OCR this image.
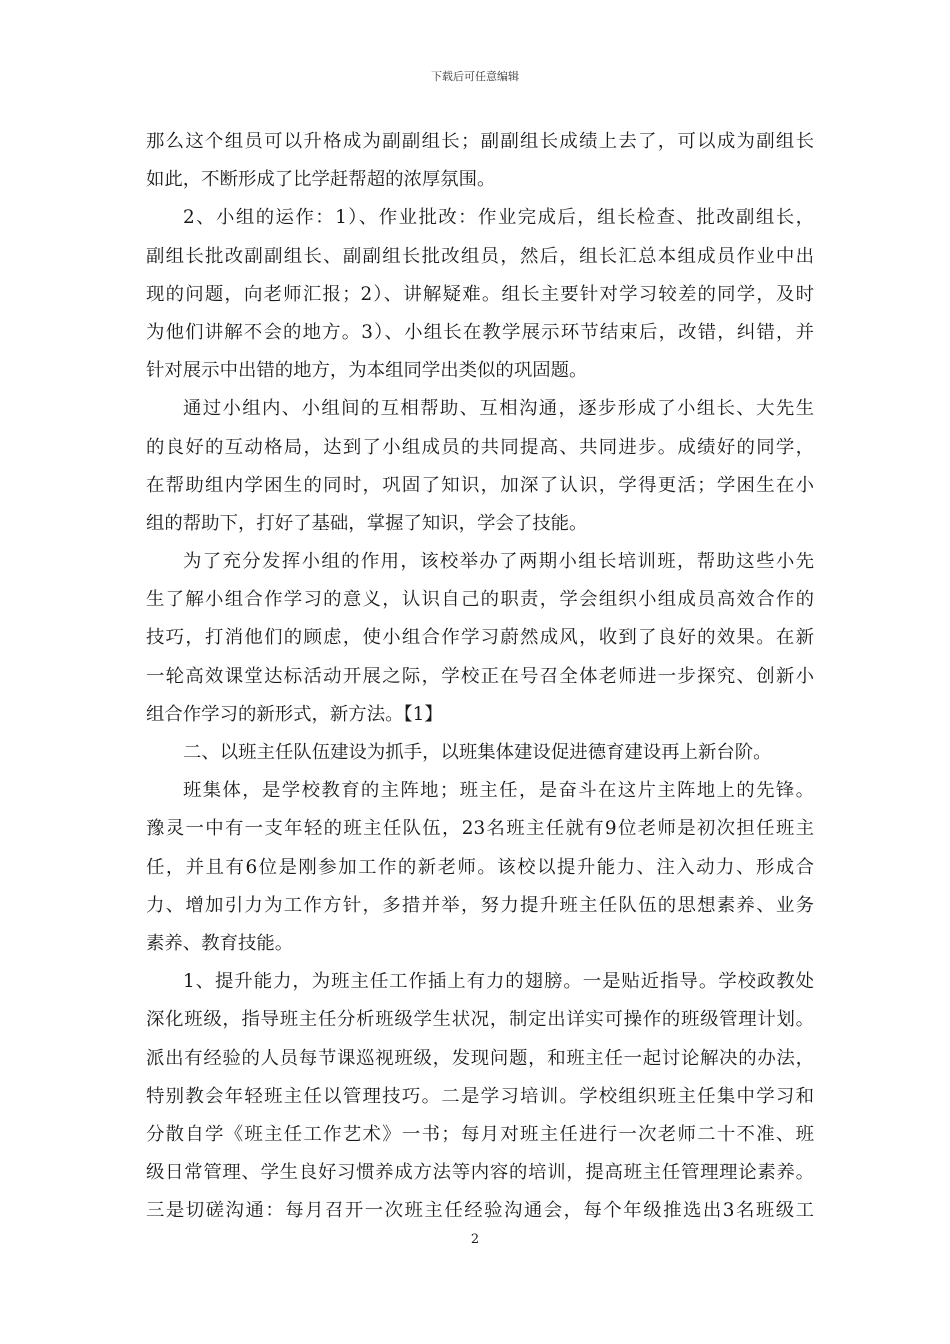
下载后可任意编辑
那么这个组员可以升格成为副副组长；副副组长成绩上去了，可以成为副组长
如此，不断形成了比学赶帮超的浓厚氛围。
2、小组的运作：1）、作业批改：作业完成后，组长检查、批改副组长，
副组长批改副副组长、副副组长批改组员，然后，组长汇总本组成员作业中出
现的问题，向老师汇报；2）、讲解疑难。组长主要针对学习较差的同学，及时
为他们讲解不会的地方。3）、小组长在教学展示环节结束后，改错，纠错，并
针对展示中出错的地方，为本组同学出类似的巩固题。
通过小组内、小组间的互相帮助、互相沟通，逐步形成了小组长、大先生
的良好的互动格局，达到了小组成员的共同提高、共同进步。成绩好的同学，
在帮助组内学困生的同时，巩固了知识，加深了认识，学得更活；学困生在小
组的帮助下，打好了基础，掌握了知识，学会了技能。
为了充分发挥小组的作用，该校举办了两期小组长培训班，帮助这些小先
生了解小组合作学习的意义，认识自己的职责，学会组织小组成员高效合作的
技巧，打消他们的顾虑，使小组合作学习蔚然成风，收到了良好的效果。在新
一轮高效课堂达标活动开展之际，学校正在号召全体老师进一步探究、创新小
组合作学习的新形式，新方法。【1】
二、以班主任队伍建设为抓手，以班集体建设促进德育建设再上新台阶。
班集体，是学校教育的主阵地；班主任，是奋斗在这片主阵地上的先锋。
豫灵一中有一支年轻的班主任队伍，23名班主任就有9位老师是初次担任班主
任，并且有6位是刚参加工作的新老师。该校以提升能力、注入动力、形成合
力、增加引力为工作方针，多措并举，努力提升班主任队伍的思想素养、业务
素养、教育技能。
1、提升能力，为班主任工作插上有力的翅膀。一是贴近指导。学校政教处
深化班级，指导班主任分析班级学生状况，制定出详实可操作的班级管理计划。
派出有经验的人员每节课巡视班级，发现问题，和班主任一起讨论解决的办法，
特别教会年轻班主任以管理技巧。二是学习培训。学校组织班主任集中学习和
分散自学《班主任工作艺术》一书；每月对班主任进行一次老师二十不准、班
级日常管理、学生良好习惯养成方法等内容的培训，提高班主任管理理论素养。
三是切磋沟通：每月召开一次班主任经验沟通会，每个年级推选出3名班级工
2
